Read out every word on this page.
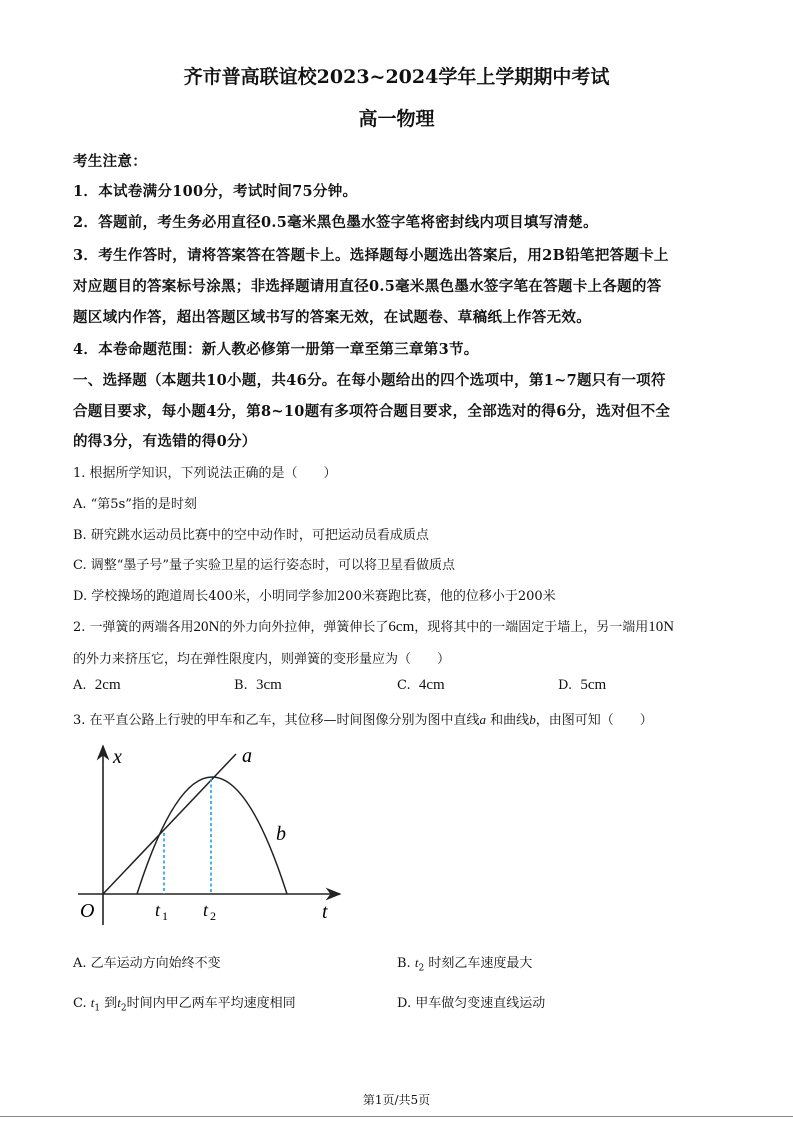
齐市普高联谊校2023~2024学年上学期期中考试
高一物理
考生注意：
1．本试卷满分100分，考试时间75分钟。
2．答题前，考生务必用直径0.5毫米黑色墨水签字笔将密封线内项目填写清楚。
3．考生作答时，请将答案答在答题卡上。选择题每小题选出答案后，用2B铅笔把答题卡上
对应题目的答案标号涂黑；非选择题请用直径0.5毫米黑色墨水签字笔在答题卡上各题的答
题区域内作答，超出答题区域书写的答案无效，在试题卷、草稿纸上作答无效。
4．本卷命题范围：新人教必修第一册第一章至第三章第3节。
一、选择题（本题共10小题，共46分。在每小题给出的四个选项中，第1~7题只有一项符
合题目要求，每小题4分，第8~10题有多项符合题目要求，全部选对的得6分，选对但不全
的得3分，有选错的得0分）
1. 根据所学知识，下列说法正确的是（　　）
A. “第5s”指的是时刻
B. 研究跳水运动员比赛中的空中动作时，可把运动员看成质点
C. 调整“墨子号”量子实验卫星的运行姿态时，可以将卫星看做质点
D. 学校操场的跑道周长400米，小明同学参加200米赛跑比赛，他的位移小于200米
2. 一弹簧的两端各用20N的外力向外拉伸，弹簧伸长了6cm，现将其中的一端固定于墙上，另一端用10N
的外力来挤压它，均在弹性限度内，则弹簧的变形量应为（　　）
A. 2cm	B. 3cm	C. 4cm	D. 5cm
3. 在平直公路上行驶的甲车和乙车，其位移—时间图像分别为图中直线a 和曲线b，由图可知（　　）
x
t
O
a
b
t 1 t 2
A. 乙车运动方向始终不变	B. $t_2$ 时刻乙车速度最大
C. $t_1$ 到$t_2$时间内甲乙两车平均速度相同	D. 甲车做匀变速直线运动
第1页/共5页
